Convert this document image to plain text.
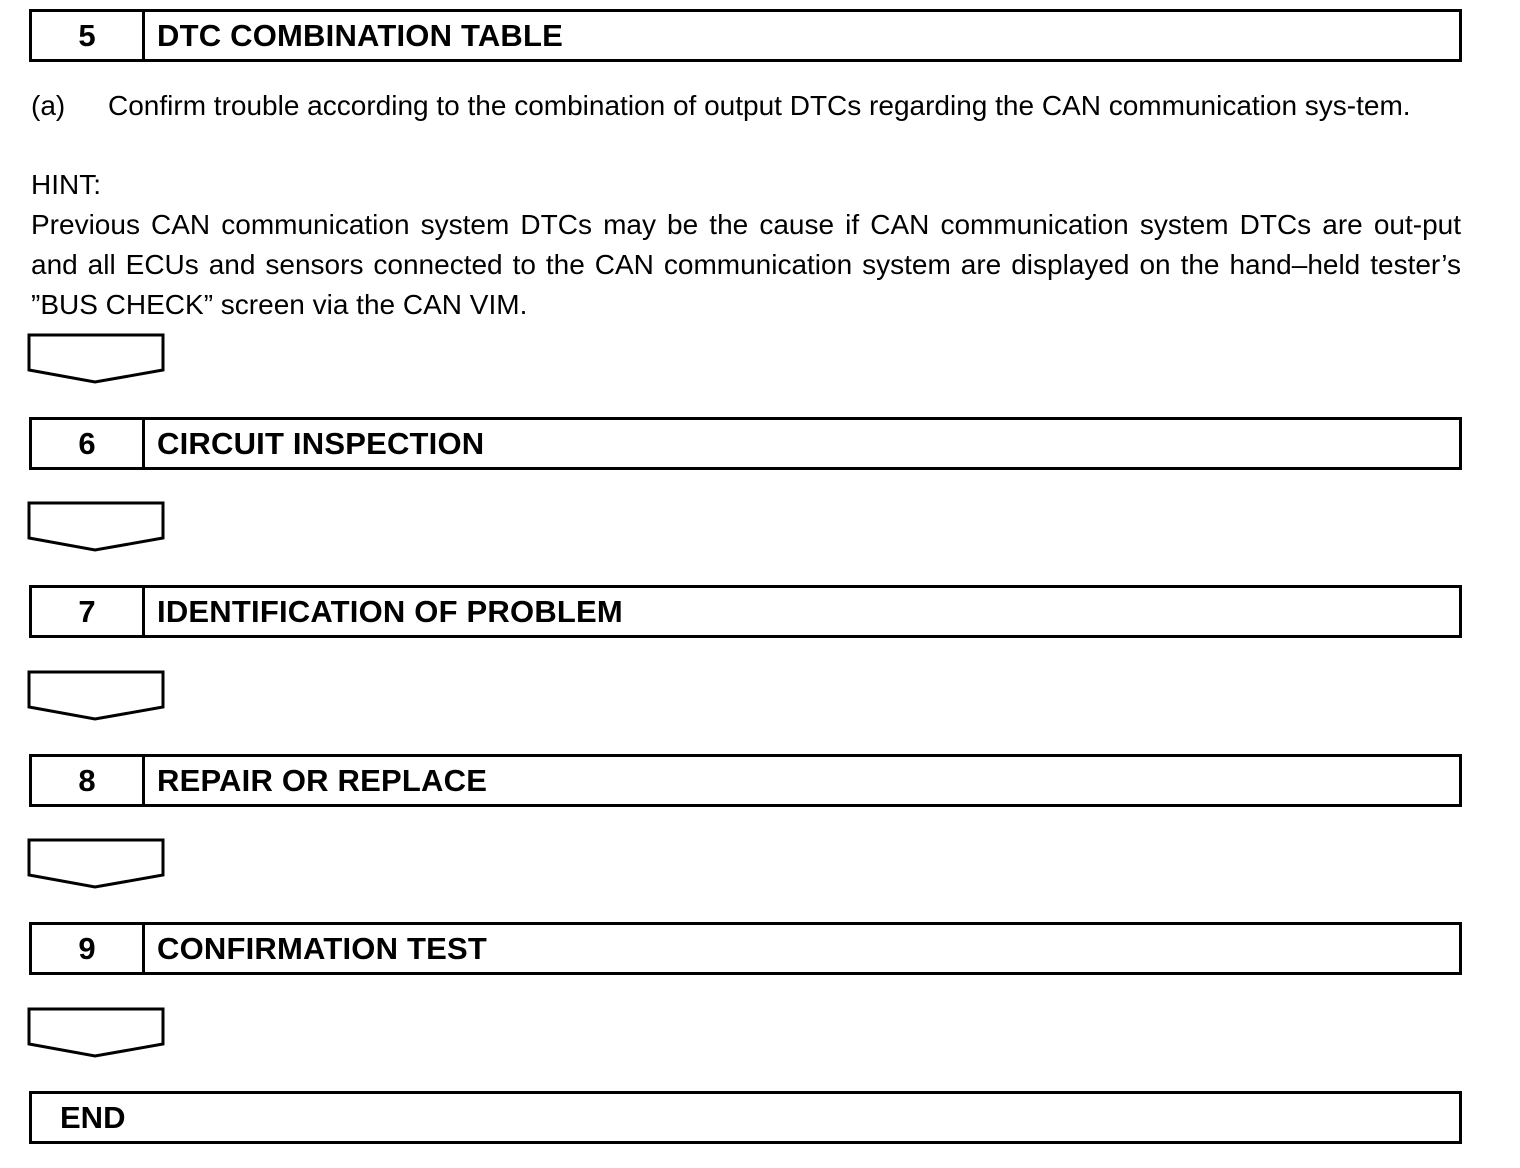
5	DTC COMBINATION TABLE
(a)	Confirm trouble according to the combination of output DTCs regarding the CAN communication sys-tem.
HINT:
Previous CAN communication system DTCs may be the cause if CAN communication system DTCs are out-put and all ECUs and sensors connected to the CAN communication system are displayed on the hand–held tester’s ”BUS CHECK” screen via the CAN VIM.
6	CIRCUIT INSPECTION
7	IDENTIFICATION OF PROBLEM
8	REPAIR OR REPLACE
9	CONFIRMATION TEST
END
